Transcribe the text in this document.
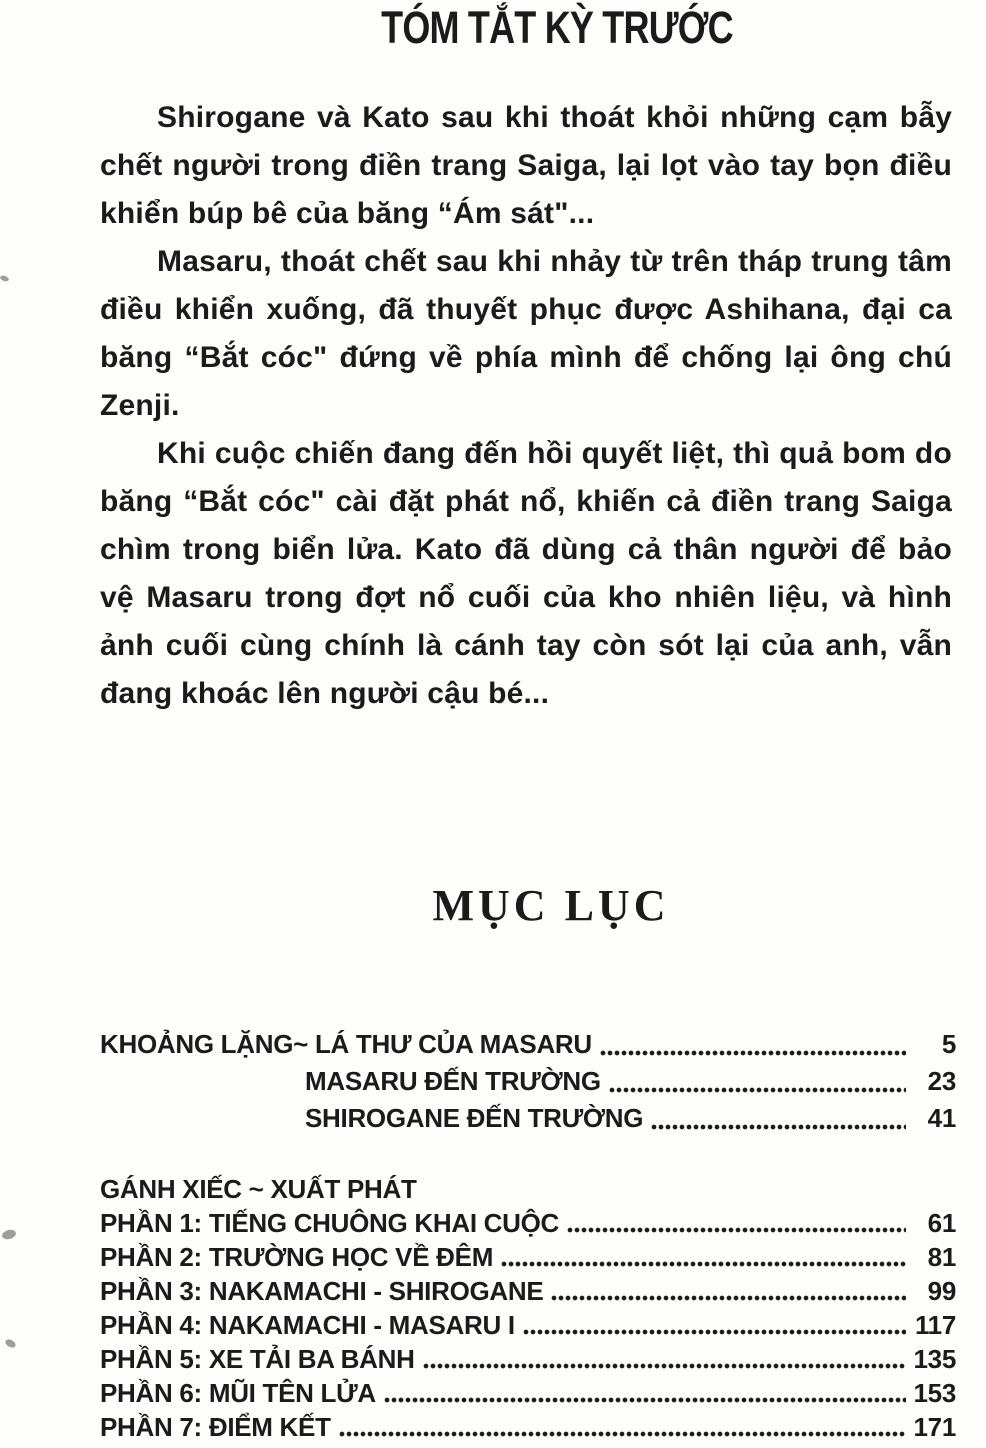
TÓM TẮT KỲ TRƯỚC

Shirogane và Kato sau khi thoát khỏi những cạm bẫy chết người trong điền trang Saiga, lại lọt vào tay bọn điều khiển búp bê của băng “Ám sát"...

Masaru, thoát chết sau khi nhảy từ trên tháp trung tâm điều khiển xuống, đã thuyết phục được Ashihana, đại ca băng “Bắt cóc" đứng về phía mình để chống lại ông chú Zenji.

Khi cuộc chiến đang đến hồi quyết liệt, thì quả bom do băng “Bắt cóc" cài đặt phát nổ, khiến cả điền trang Saiga chìm trong biển lửa. Kato đã dùng cả thân người để bảo vệ Masaru trong đợt nổ cuối của kho nhiên liệu, và hình ảnh cuối cùng chính là cánh tay còn sót lại của anh, vẫn đang khoác lên người cậu bé...

MỤC LỤC
KHOẢNG LẶNG~ LÁ THƯ CỦA MASARU	5
MASARU ĐẾN TRƯỜNG	23
SHIROGANE ĐẾN TRƯỜNG	41
GÁNH XIẾC ~ XUẤT PHÁT
PHẦN 1: TIẾNG CHUÔNG KHAI CUỘC	61
PHẦN 2: TRƯỜNG HỌC VỀ ĐÊM	81
PHẦN 3: NAKAMACHI - SHIROGANE	99
PHẦN 4: NAKAMACHI - MASARU I	117
PHẦN 5: XE TẢI BA BÁNH	135
PHẦN 6: MŨI TÊN LỬA	153
PHẦN 7: ĐIỂM KẾT	171
